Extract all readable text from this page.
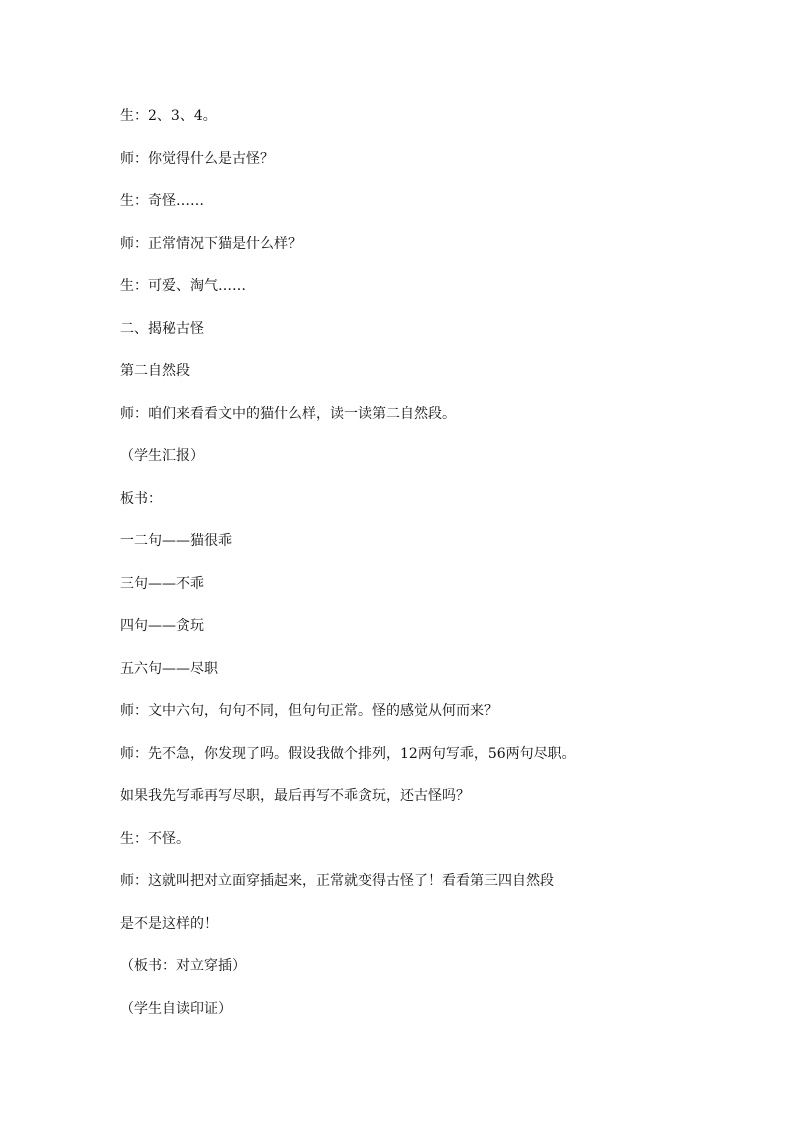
生：2、3、4。

师：你觉得什么是古怪？

生：奇怪……

师：正常情况下猫是什么样？

生：可爱、淘气……

二、揭秘古怪

第二自然段

师：咱们来看看文中的猫什么样，读一读第二自然段。

（学生汇报）

板书：

一二句——猫很乖

三句——不乖

四句——贪玩

五六句——尽职

师：文中六句，句句不同，但句句正常。怪的感觉从何而来？

师：先不急，你发现了吗。假设我做个排列，12两句写乖，56两句尽职。

如果我先写乖再写尽职，最后再写不乖贪玩，还古怪吗？

生：不怪。

师：这就叫把对立面穿插起来，正常就变得古怪了！看看第三四自然段

是不是这样的！

（板书：对立穿插）

（学生自读印证）
